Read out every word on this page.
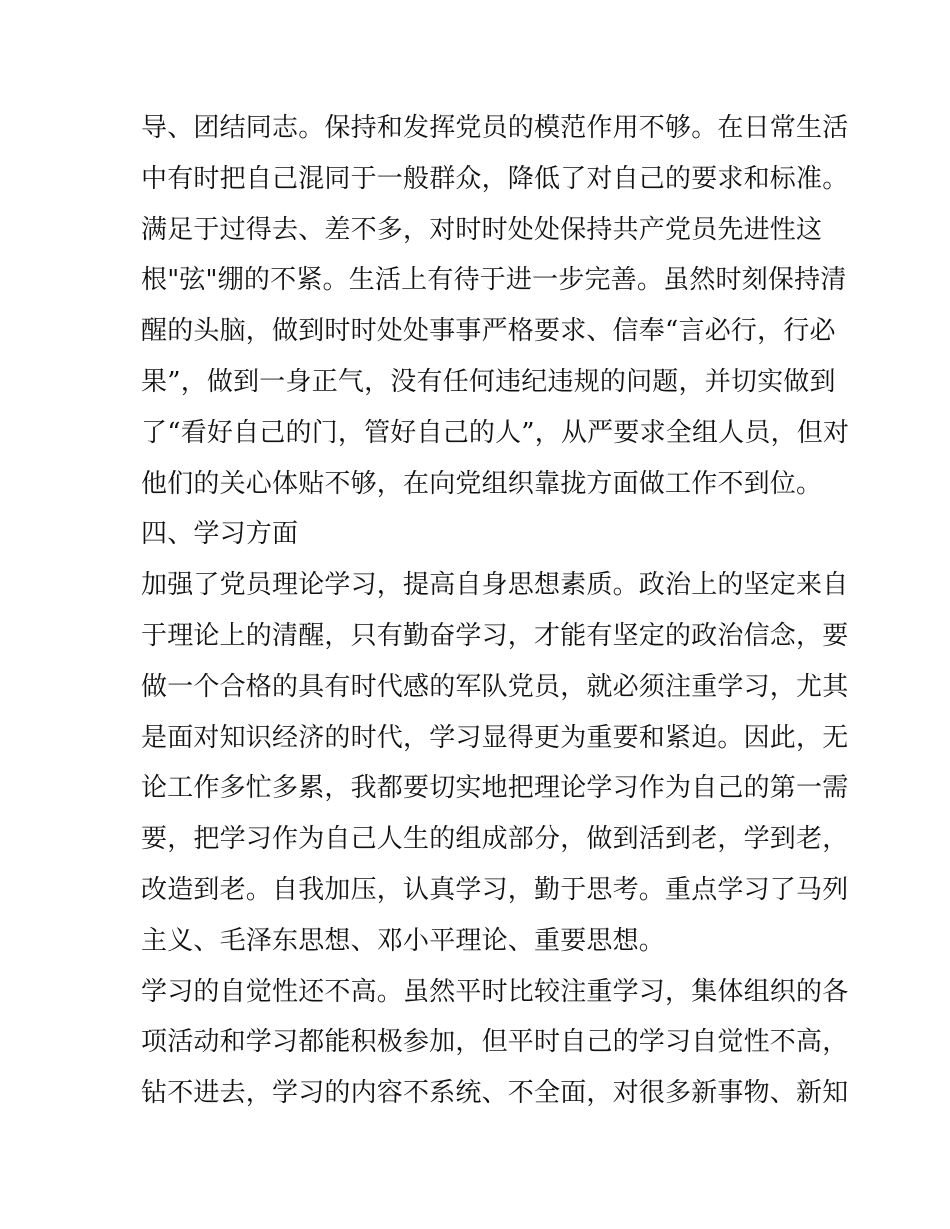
导、团结同志。保持和发挥党员的模范作用不够。在日常生活
中有时把自己混同于一般群众，降低了对自己的要求和标准。
满足于过得去、差不多，对时时处处保持共产党员先进性这
根"弦"绷的不紧。生活上有待于进一步完善。虽然时刻保持清
醒的头脑，做到时时处处事事严格要求、信奉“言必行，行必
果”，做到一身正气，没有任何违纪违规的问题，并切实做到
了“看好自己的门，管好自己的人”，从严要求全组人员，但对
他们的关心体贴不够，在向党组织靠拢方面做工作不到位。
四、学习方面
加强了党员理论学习，提高自身思想素质。政治上的坚定来自
于理论上的清醒，只有勤奋学习，才能有坚定的政治信念，要
做一个合格的具有时代感的军队党员，就必须注重学习，尤其
是面对知识经济的时代，学习显得更为重要和紧迫。因此，无
论工作多忙多累，我都要切实地把理论学习作为自己的第一需
要，把学习作为自己人生的组成部分，做到活到老，学到老，
改造到老。自我加压，认真学习，勤于思考。重点学习了马列
主义、毛泽东思想、邓小平理论、重要思想。
学习的自觉性还不高。虽然平时比较注重学习，集体组织的各
项活动和学习都能积极参加，但平时自己的学习自觉性不高，
钻不进去，学习的内容不系统、不全面，对很多新事物、新知
